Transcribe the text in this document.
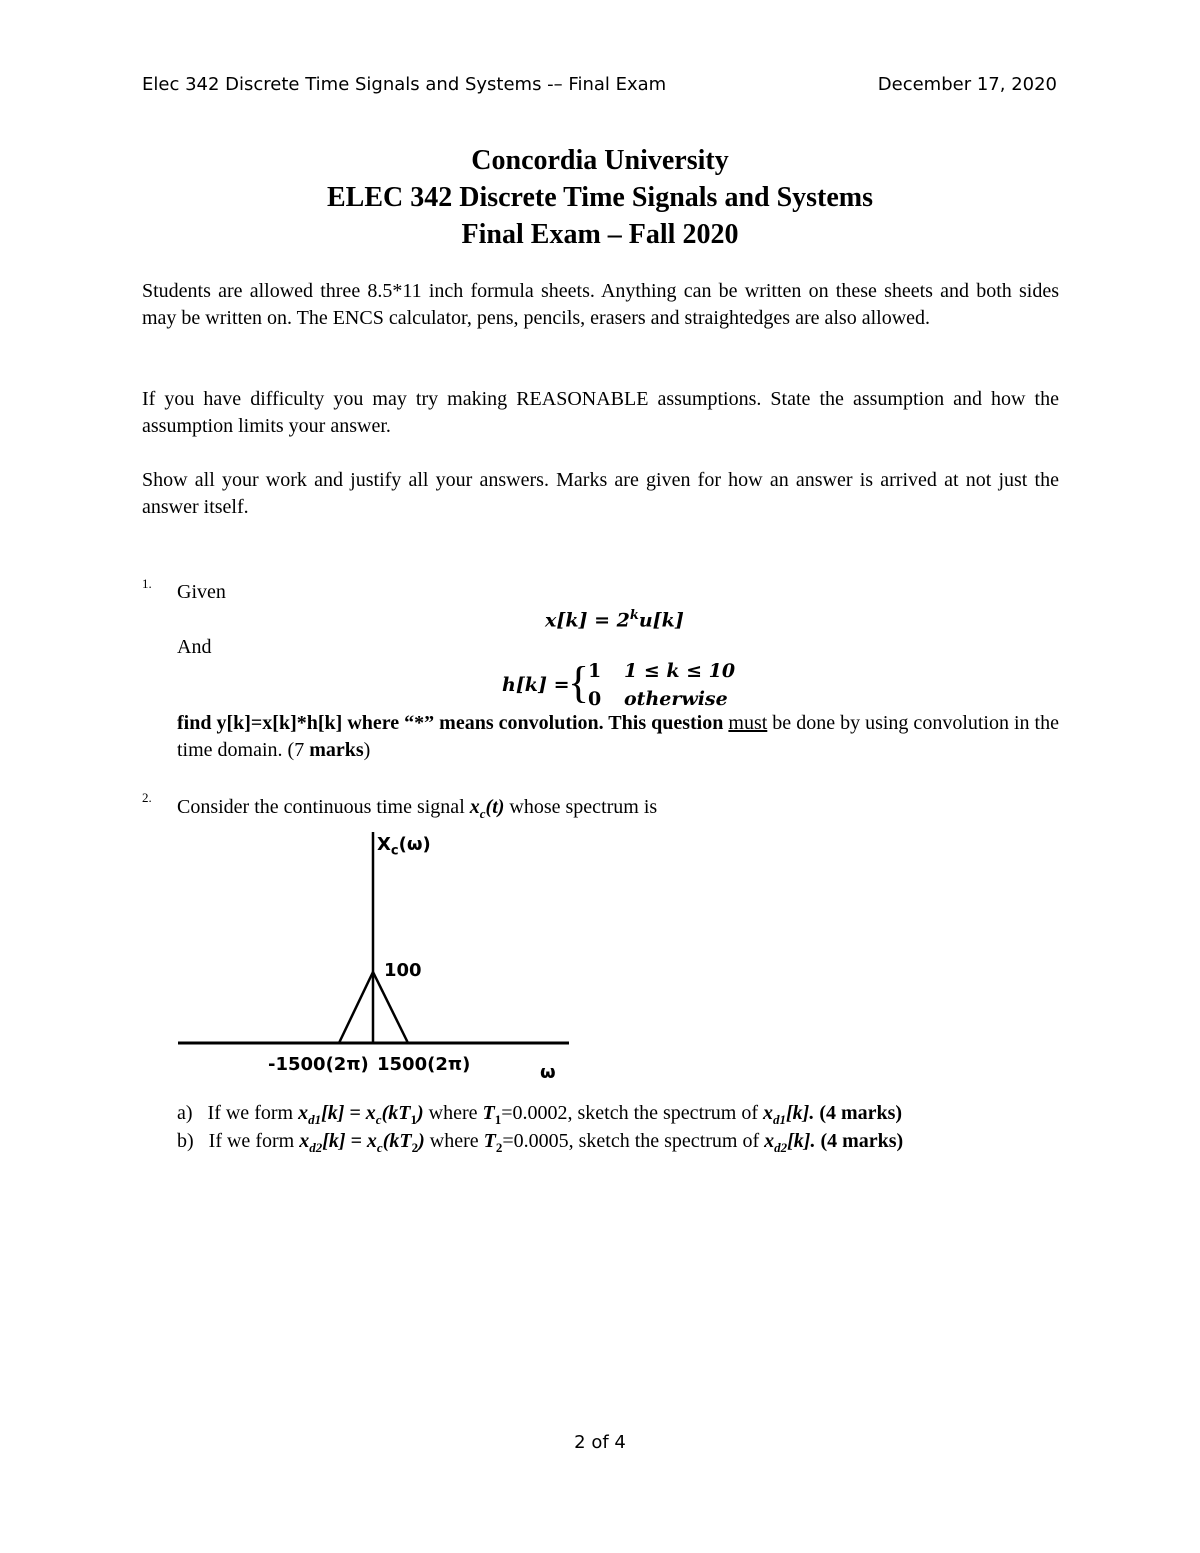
Elec 342 Discrete Time Signals and Systems -– Final Exam	December 17, 2020
Concordia University
ELEC 342 Discrete Time Signals and Systems
Final Exam – Fall 2020
Students are allowed three 8.5*11 inch formula sheets. Anything can be written on these sheets and both sides may be written on. The ENCS calculator, pens, pencils, erasers and straightedges are also allowed.
If you have difficulty you may try making REASONABLE assumptions. State the assumption and how the assumption limits your answer.
Show all your work and justify all your answers. Marks are given for how an answer is arrived at not just the answer itself.
1. Given
$x[k] = 2^ku[k]$
And
h[k] =
{
1 1 ≤ k ≤ 10
0 otherwise
find y[k]=x[k]*h[k] where “*” means convolution. This question must be done by using convolution in the time domain. (7 marks)
2. Consider the continuous time signal $x_c(t)$ whose spectrum is
$X_c(\omega)$
100
-1500(2π) 1500(2π)	ω
a) If we form $x_{d1}[k] = x_c(kT_1)$ where $T_1=0.0002$, sketch the spectrum of $x_{d1}[k]$. (4 marks)
b) If we form $x_{d2}[k] = x_c(kT_2)$ where $T_2=0.0005$, sketch the spectrum of $x_{d2}[k]$. (4 marks)
2 of 4
